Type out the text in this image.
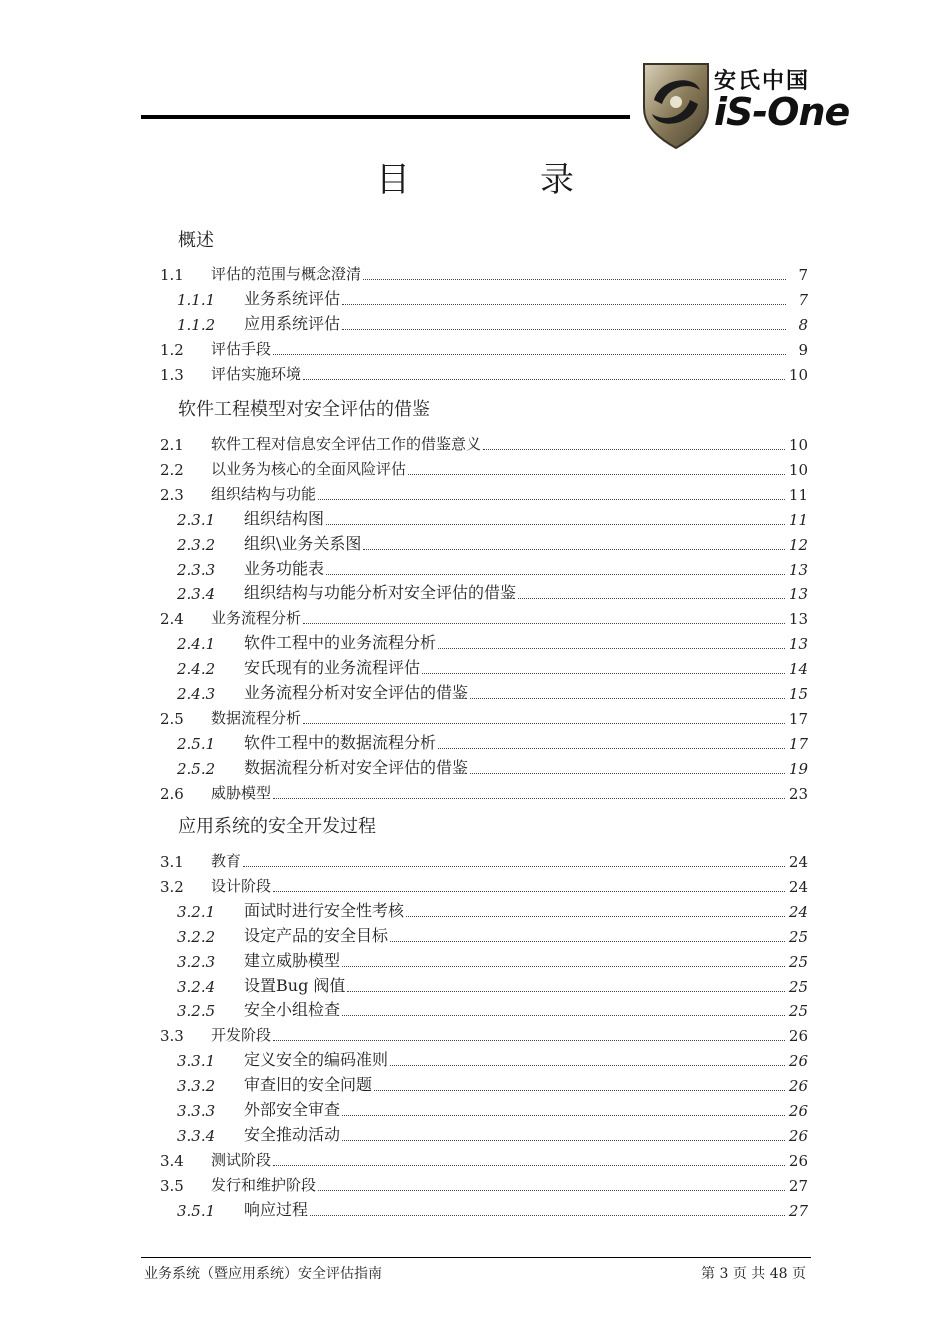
安氏中国
iS-One
目	录
概述
1.1	评估的范围与概念澄清	7
1.1.1	业务系统评估	7
1.1.2	应用系统评估	8
1.2	评估手段	9
1.3	评估实施环境	10
软件工程模型对安全评估的借鉴
2.1	软件工程对信息安全评估工作的借鉴意义	10
2.2	以业务为核心的全面风险评估	10
2.3	组织结构与功能	11
2.3.1	组织结构图	11
2.3.2	组织\业务关系图	12
2.3.3	业务功能表	13
2.3.4	组织结构与功能分析对安全评估的借鉴	13
2.4	业务流程分析	13
2.4.1	软件工程中的业务流程分析	13
2.4.2	安氏现有的业务流程评估	14
2.4.3	业务流程分析对安全评估的借鉴	15
2.5	数据流程分析	17
2.5.1	软件工程中的数据流程分析	17
2.5.2	数据流程分析对安全评估的借鉴	19
2.6	威胁模型	23
应用系统的安全开发过程
3.1	教育	24
3.2	设计阶段	24
3.2.1	面试时进行安全性考核	24
3.2.2	设定产品的安全目标	25
3.2.3	建立威胁模型	25
3.2.4	设置Bug 阀值	25
3.2.5	安全小组检查	25
3.3	开发阶段	26
3.3.1	定义安全的编码准则	26
3.3.2	审查旧的安全问题	26
3.3.3	外部安全审查	26
3.3.4	安全推动活动	26
3.4	测试阶段	26
3.5	发行和维护阶段	27
3.5.1	响应过程	27
业务系统（暨应用系统）安全评估指南	第 3 页 共 48 页
